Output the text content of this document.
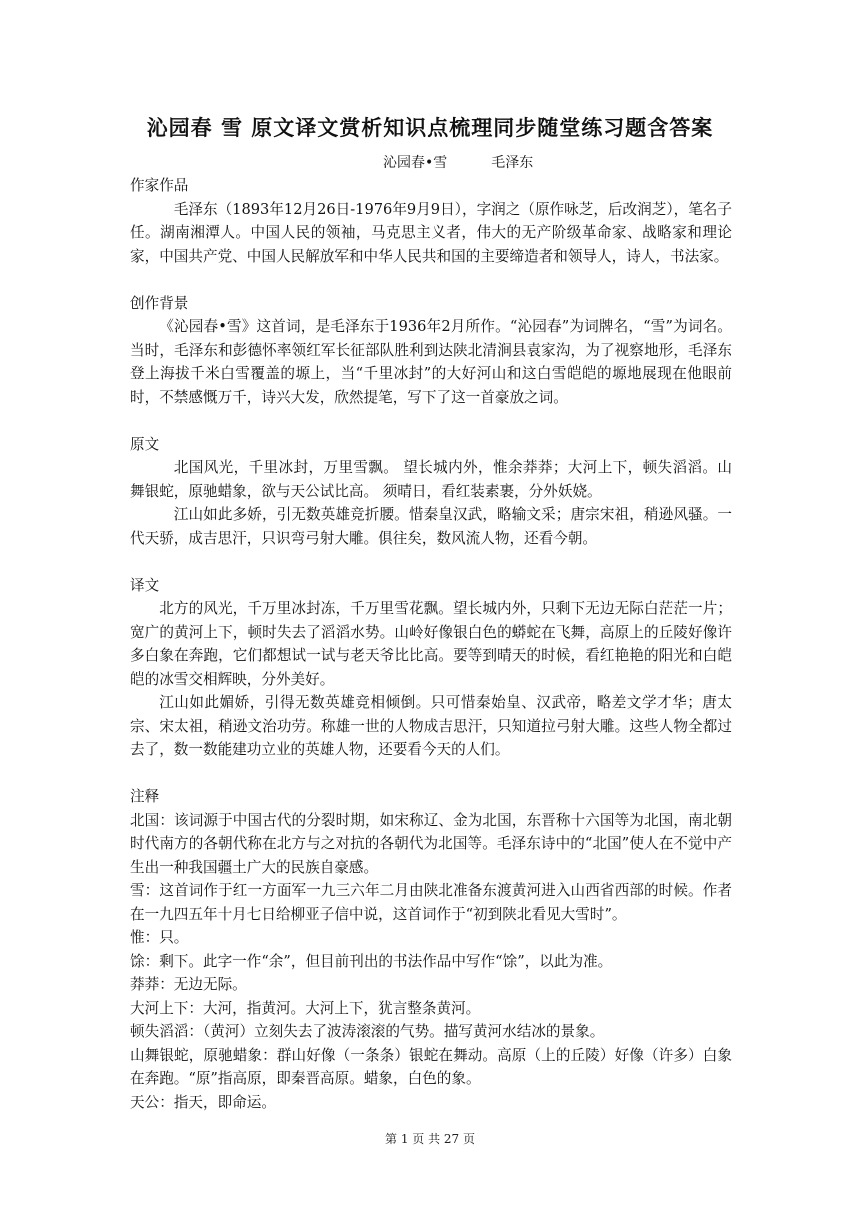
沁园春 雪 原文译文赏析知识点梳理同步随堂练习题含答案
沁园春•雪	毛泽东

作家作品

毛泽东（1893年12月26日-1976年9月9日），字润之（原作咏芝，后改润芝），笔名子任。湖南湘潭人。中国人民的领袖，马克思主义者，伟大的无产阶级革命家、战略家和理论家，中国共产党、中国人民解放军和中华人民共和国的主要缔造者和领导人，诗人，书法家。

创作背景

《沁园春•雪》这首词，是毛泽东于1936年2月所作。“沁园春”为词牌名，“雪”为词名。当时，毛泽东和彭德怀率领红军长征部队胜利到达陕北清涧县袁家沟，为了视察地形，毛泽东登上海拔千米白雪覆盖的塬上，当“千里冰封”的大好河山和这白雪皑皑的塬地展现在他眼前时，不禁感慨万千，诗兴大发，欣然提笔，写下了这一首豪放之词。

原文

北国风光，千里冰封，万里雪飘。 望长城内外，惟余莽莽；大河上下，顿失滔滔。山舞银蛇，原驰蜡象，欲与天公试比高。 须晴日，看红装素裹，分外妖娆。

江山如此多娇，引无数英雄竞折腰。惜秦皇汉武，略输文采；唐宗宋祖，稍逊风骚。一代天骄，成吉思汗，只识弯弓射大雕。俱往矣，数风流人物，还看今朝。

译文

北方的风光，千万里冰封冻，千万里雪花飘。望长城内外，只剩下无边无际白茫茫一片；宽广的黄河上下，顿时失去了滔滔水势。山岭好像银白色的蟒蛇在飞舞，高原上的丘陵好像许多白象在奔跑，它们都想试一试与老天爷比比高。要等到晴天的时候，看红艳艳的阳光和白皑皑的冰雪交相辉映，分外美好。

江山如此媚娇，引得无数英雄竞相倾倒。只可惜秦始皇、汉武帝，略差文学才华；唐太宗、宋太祖，稍逊文治功劳。称雄一世的人物成吉思汗，只知道拉弓射大雕。这些人物全都过去了，数一数能建功立业的英雄人物，还要看今天的人们。

注释

北国：该词源于中国古代的分裂时期，如宋称辽、金为北国，东晋称十六国等为北国，南北朝时代南方的各朝代称在北方与之对抗的各朝代为北国等。毛泽东诗中的“北国”使人在不觉中产生出一种我国疆土广大的民族自豪感。

雪：这首词作于红一方面军一九三六年二月由陕北准备东渡黄河进入山西省西部的时候。作者在一九四五年十月七日给柳亚子信中说，这首词作于“初到陕北看见大雪时”。

惟：只。

馀：剩下。此字一作“余”，但目前刊出的书法作品中写作“馀”，以此为准。

莽莽：无边无际。

大河上下：大河，指黄河。大河上下，犹言整条黄河。

顿失滔滔：（黄河）立刻失去了波涛滚滚的气势。描写黄河水结冰的景象。

山舞银蛇，原驰蜡象：群山好像（一条条）银蛇在舞动。高原（上的丘陵）好像（许多）白象在奔跑。“原”指高原，即秦晋高原。蜡象，白色的象。

天公：指天，即命运。

第 1 页 共 27 页
